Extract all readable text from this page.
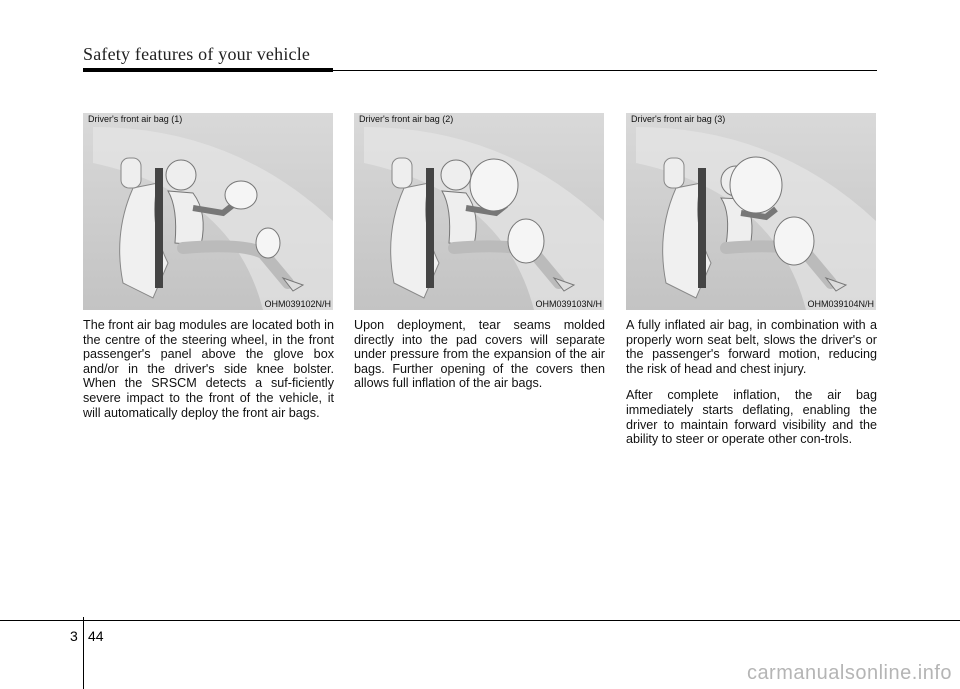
Safety features of your vehicle
Driver's front air bag (1)
OHM039102N/H
Driver's front air bag (2)
OHM039103N/H
Driver's front air bag (3)
OHM039104N/H

The front air bag modules are located both in the centre of the steering wheel, in the front passenger's panel above the glove box and/or in the driver's side knee bolster. When the SRSCM detects a suf-ficiently severe impact to the front of the vehicle, it will automatically deploy the front air bags.

Upon deployment, tear seams molded directly into the pad covers will separate under pressure from the expansion of the air bags. Further opening of the covers then allows full inflation of the air bags.

A fully inflated air bag, in combination with a properly worn seat belt, slows the driver's or the passenger's forward motion, reducing the risk of head and chest injury.

After complete inflation, the air bag immediately starts deflating, enabling the driver to maintain forward visibility and the ability to steer or operate other con-trols.

3 44
carmanualsonline.info
